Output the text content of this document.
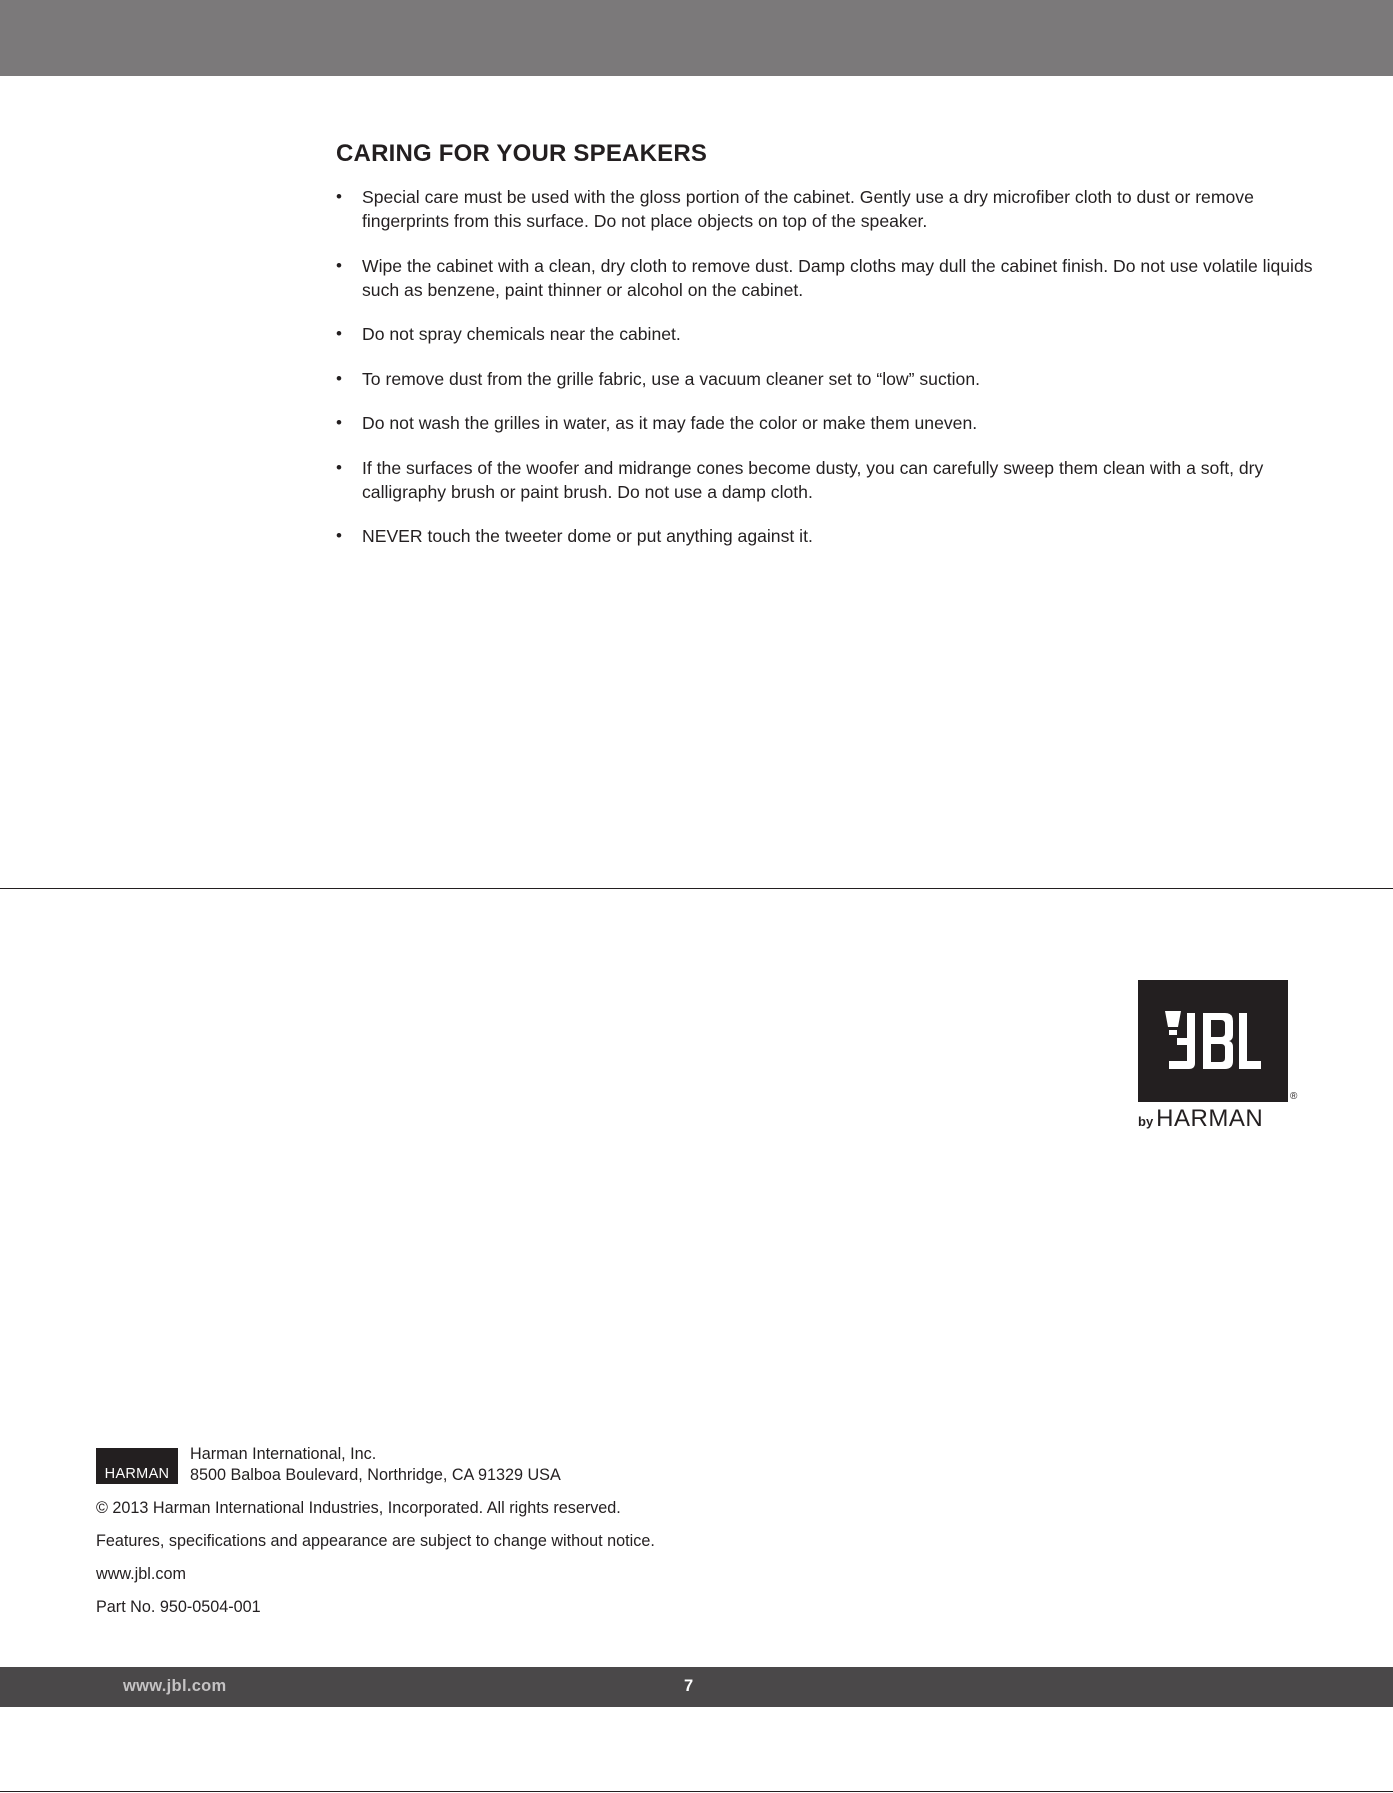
CARING FOR YOUR SPEAKERS
• Special care must be used with the gloss portion of the cabinet. Gently use a dry microfiber cloth to dust or remove fingerprints from this surface. Do not place objects on top of the speaker.
• Wipe the cabinet with a clean, dry cloth to remove dust. Damp cloths may dull the cabinet finish. Do not use volatile liquids such as benzene, paint thinner or alcohol on the cabinet.
• Do not spray chemicals near the cabinet.
• To remove dust from the grille fabric, use a vacuum cleaner set to “low” suction.
• Do not wash the grilles in water, as it may fade the color or make them uneven.
• If the surfaces of the woofer and midrange cones become dusty, you can carefully sweep them clean with a soft, dry calligraphy brush or paint brush. Do not use a damp cloth.
• NEVER touch the tweeter dome or put anything against it.
®
by HARMAN
HARMAN
Harman International, Inc.
8500 Balboa Boulevard, Northridge, CA 91329 USA
© 2013 Harman International Industries, Incorporated. All rights reserved.
Features, specifications and appearance are subject to change without notice.
www.jbl.com
Part No. 950-0504-001
www.jbl.com	7
